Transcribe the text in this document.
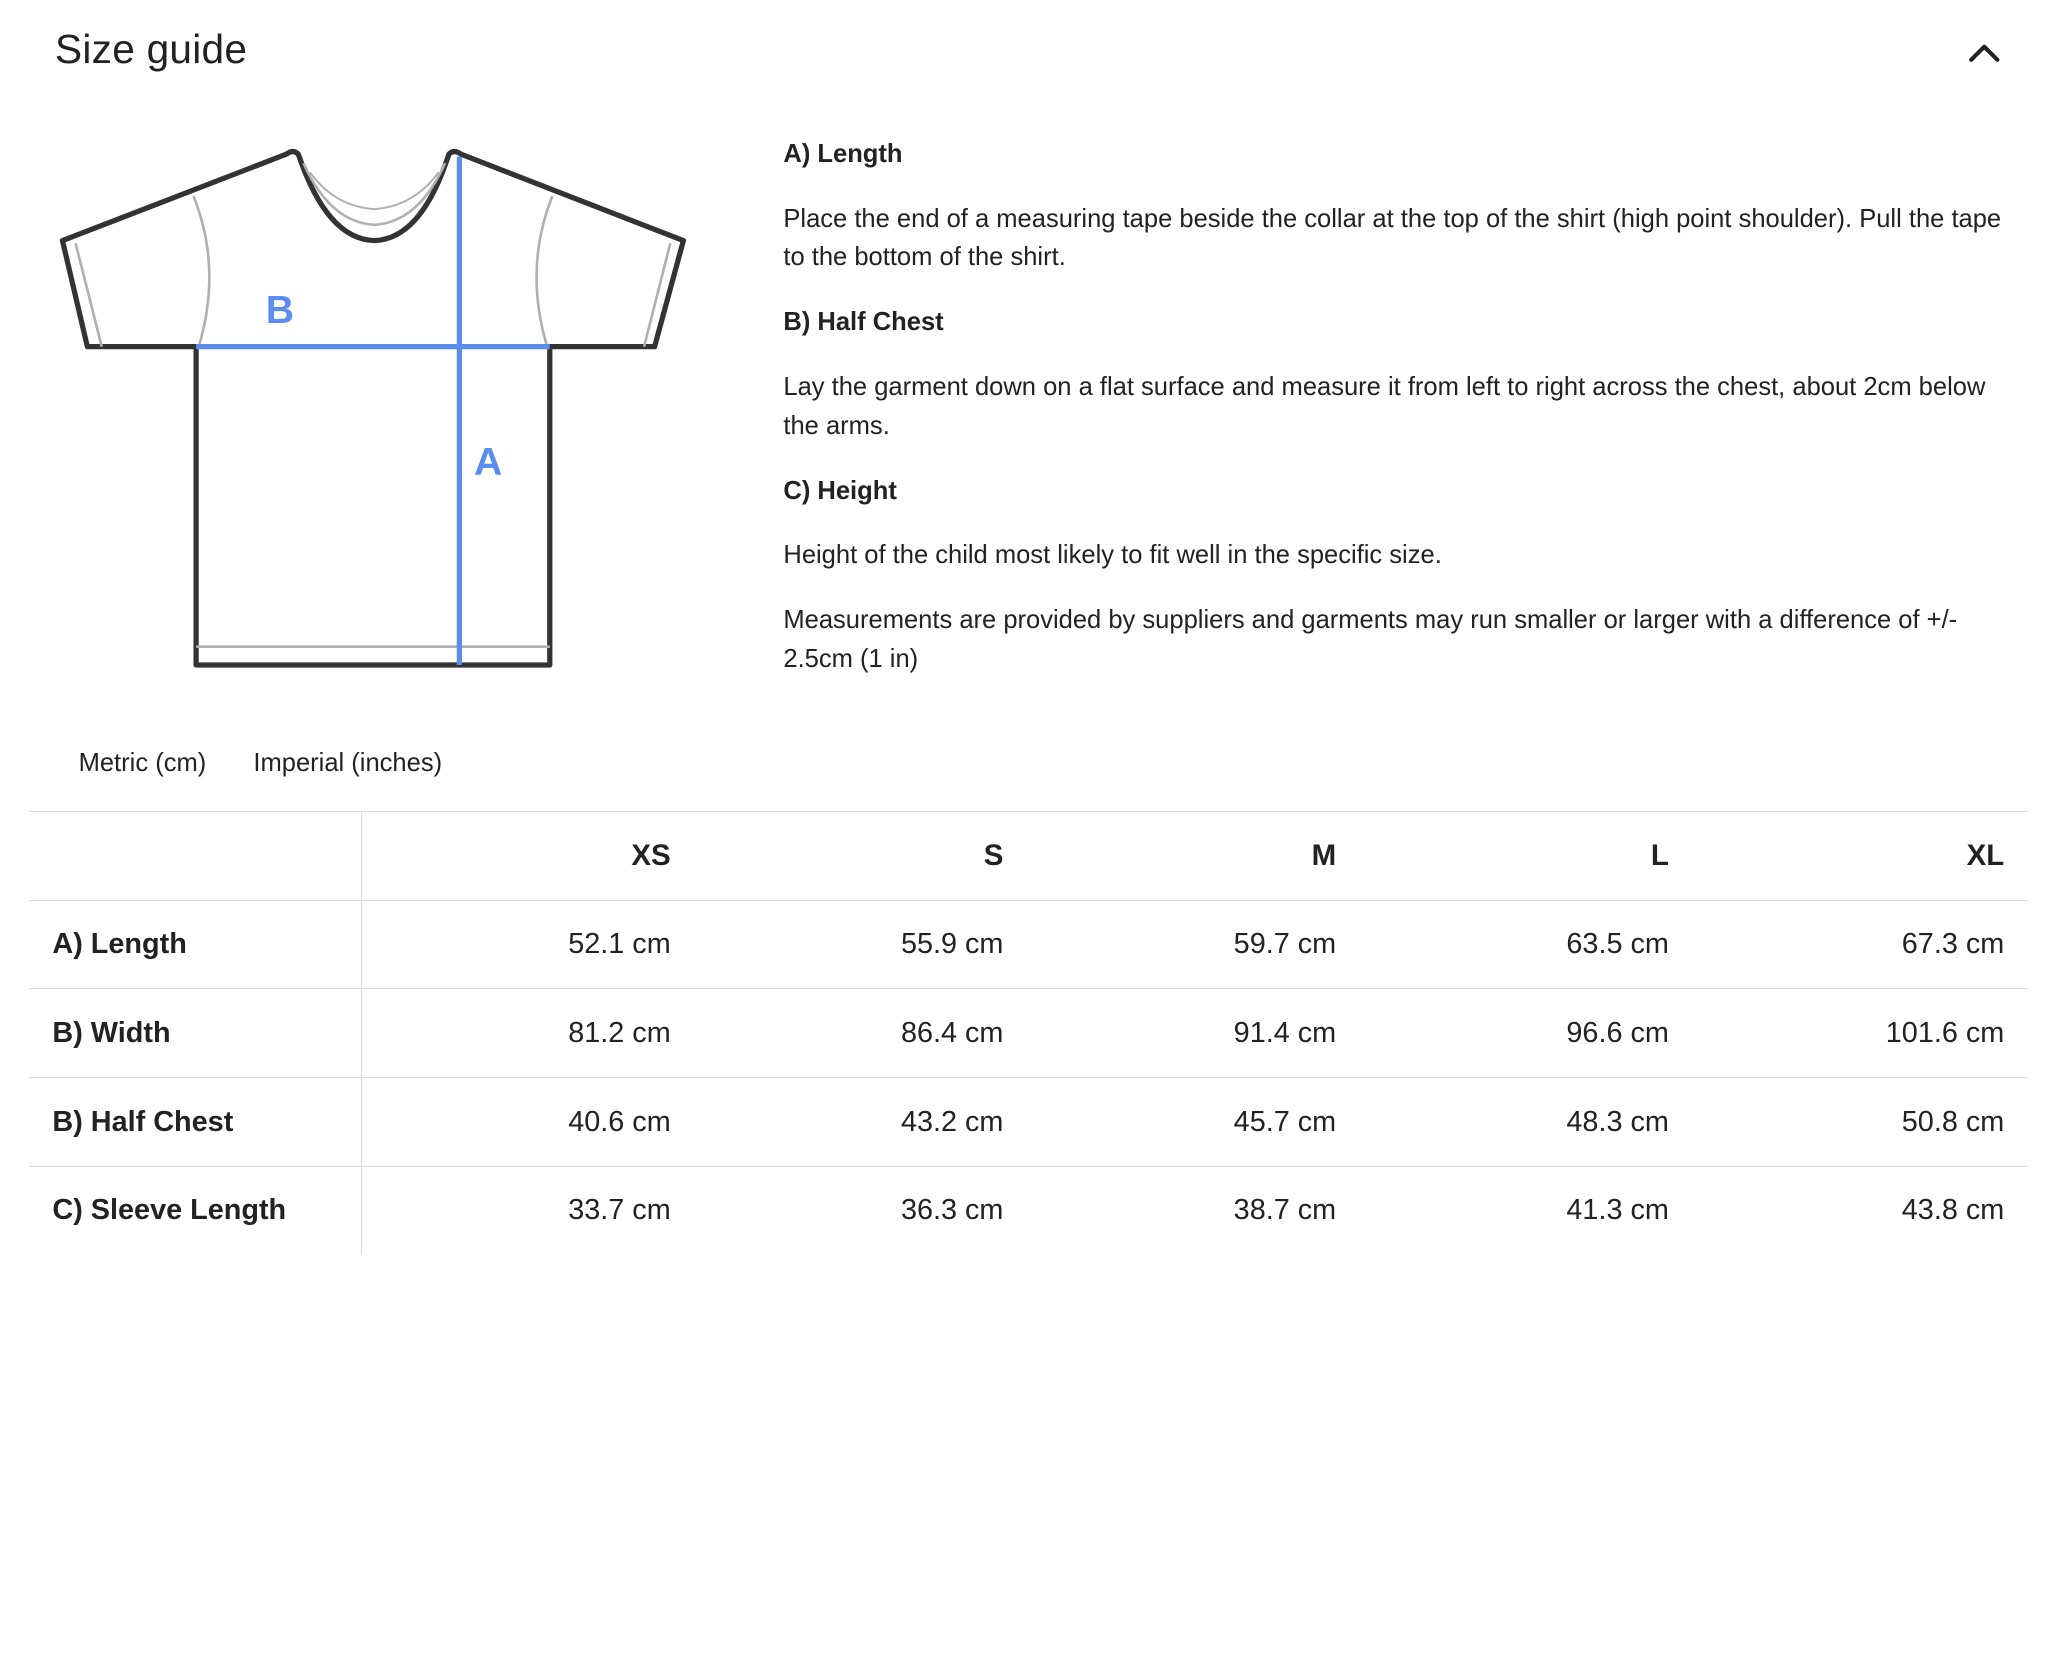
Size guide
B
A
A) Length

Place the end of a measuring tape beside the collar at the top of the shirt (high point shoulder). Pull the tape to the bottom of the shirt.

B) Half Chest

Lay the garment down on a flat surface and measure it from left to right across the chest, about 2cm below the arms.

C) Height

Height of the child most likely to fit well in the specific size.

Measurements are provided by suppliers and garments may run smaller or larger with a difference of +/- 2.5cm (1 in)

Metric (cm)	Imperial (inches)
	XS	S	M	L	XL
A) Length	52.1 cm	55.9 cm	59.7 cm	63.5 cm	67.3 cm
B) Width	81.2 cm	86.4 cm	91.4 cm	96.6 cm	101.6 cm
B) Half Chest	40.6 cm	43.2 cm	45.7 cm	48.3 cm	50.8 cm
C) Sleeve Length	33.7 cm	36.3 cm	38.7 cm	41.3 cm	43.8 cm
